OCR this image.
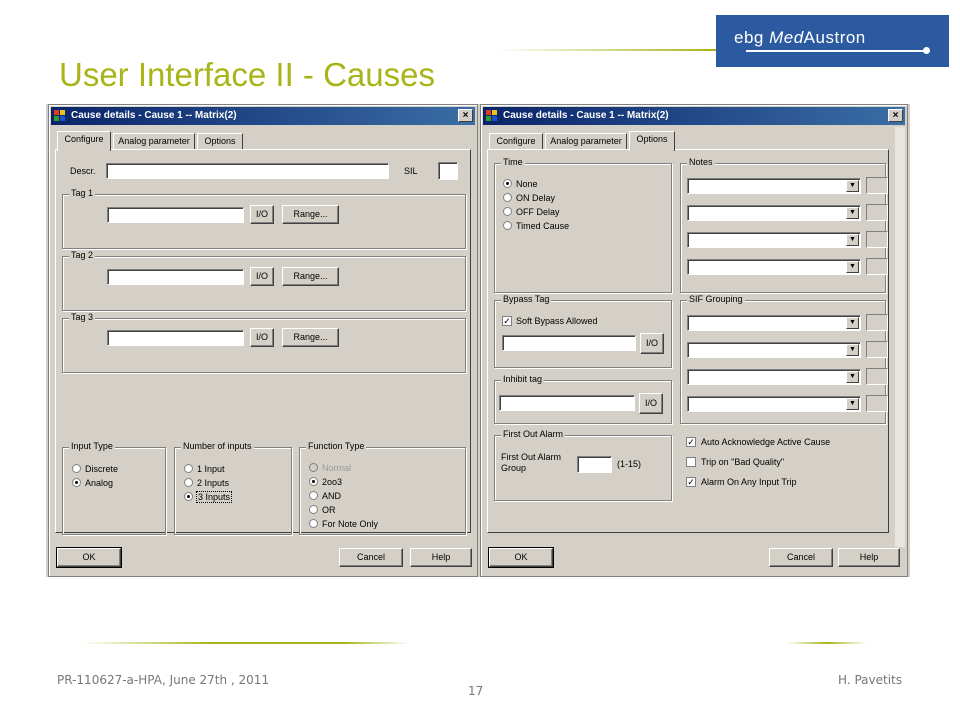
ebg MedAustron
User Interface II - Causes
Cause details - Cause 1 -- Matrix(2)	×
Configure	Analog parameter	Options
Descr.	SIL
Tag 1
I/O	Range...
Tag 2
I/O	Range...
Tag 3
I/O	Range...
Input Type
Discrete
Analog
Number of inputs
1 Input
2 Inputs
3 Inputs
Function Type
Normal
2oo3
AND
OR
For Note Only
OK	Cancel	Help
Cause details - Cause 1 -- Matrix(2)	×
Configure	Analog parameter	Options
Time
None
ON Delay
OFF Delay
Timed Cause
Notes
▼
▼
▼
▼
Bypass Tag
✓ Soft Bypass Allowed
I/O
Inhibit tag
I/O
First Out Alarm
First Out Alarm
Group	(1-15)
SIF Grouping
▼
▼
▼
▼
✓ Auto Acknowledge Active Cause
Trip on "Bad Quality"
✓ Alarm On Any Input Trip
OK	Cancel	Help
PR-110627-a-HPA, June 27th , 2011	H. Pavetits
17
